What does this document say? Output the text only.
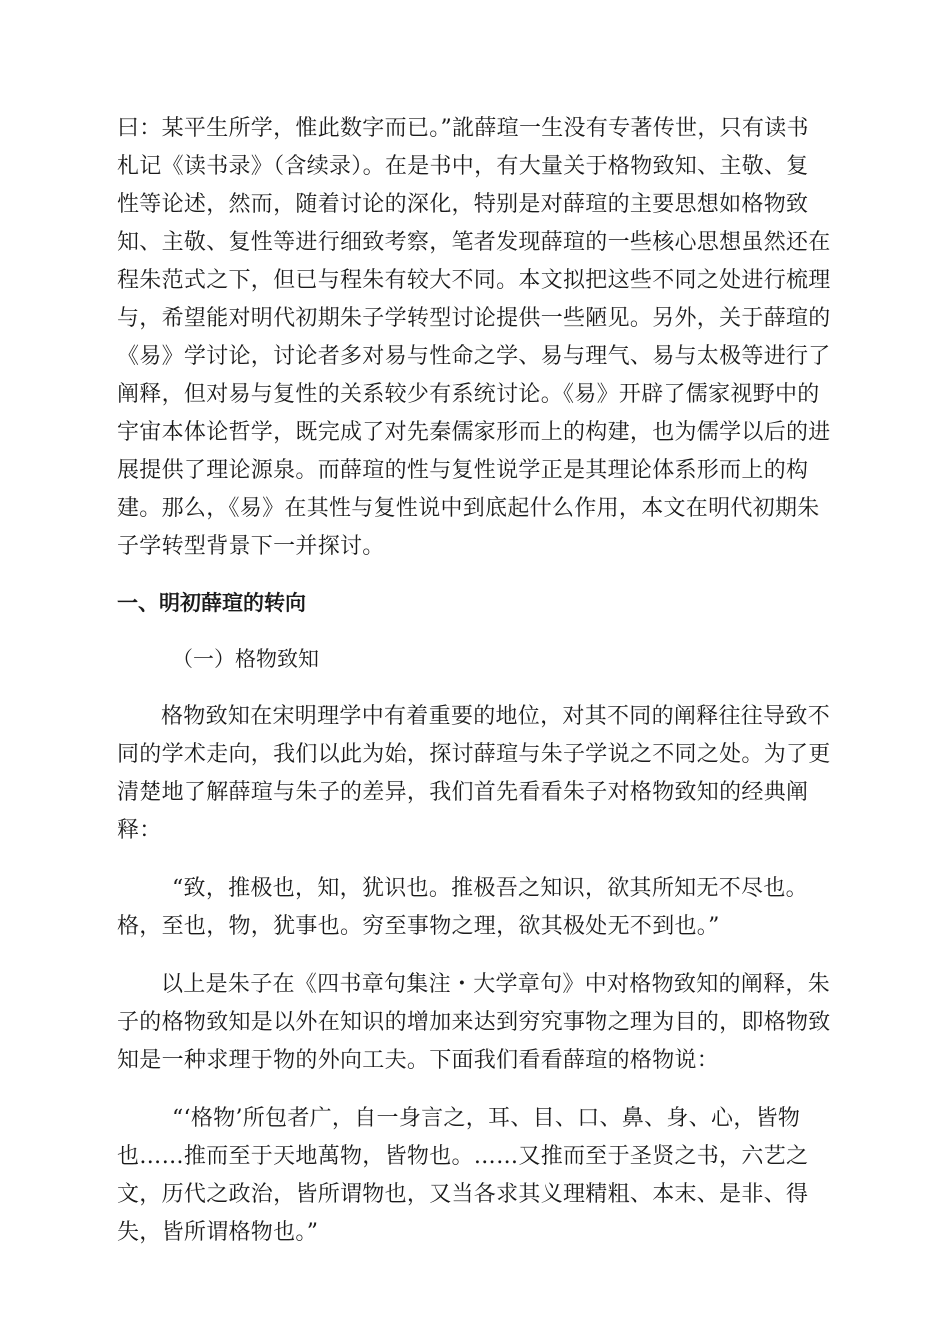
曰：某平生所学，惟此数字而已。”訛薛瑄一生没有专著传世，只有读书
札记《读书录》（含续录）。在是书中，有大量关于格物致知、主敬、复
性等论述，然而，随着讨论的深化，特别是对薛瑄的主要思想如格物致
知、主敬、复性等进行细致考察，笔者发现薛瑄的一些核心思想虽然还在
程朱范式之下，但已与程朱有较大不同。本文拟把这些不同之处进行梳理
与，希望能对明代初期朱子学转型讨论提供一些陋见。另外，关于薛瑄的
《易》学讨论，讨论者多对易与性命之学、易与理气、易与太极等进行了
阐释，但对易与复性的关系较少有系统讨论。《易》开辟了儒家视野中的
宇宙本体论哲学，既完成了对先秦儒家形而上的构建，也为儒学以后的进
展提供了理论源泉。而薛瑄的性与复性说学正是其理论体系形而上的构
建。那么，《易》在其性与复性说中到底起什么作用，本文在明代初期朱
子学转型背景下一并探讨。
一、明初薛瑄的转向
（一）格物致知
格物致知在宋明理学中有着重要的地位，对其不同的阐释往往导致不
同的学术走向，我们以此为始，探讨薛瑄与朱子学说之不同之处。为了更
清楚地了解薛瑄与朱子的差异，我们首先看看朱子对格物致知的经典阐
释：
“致，推极也，知，犹识也。推极吾之知识，欲其所知无不尽也。
格，至也，物，犹事也。穷至事物之理，欲其极处无不到也。”
以上是朱子在《四书章句集注・大学章句》中对格物致知的阐释，朱
子的格物致知是以外在知识的增加来达到穷究事物之理为目的，即格物致
知是一种求理于物的外向工夫。下面我们看看薛瑄的格物说：
“‘格物’所包者广，自一身言之，耳、目、口、鼻、身、心，皆物
也……推而至于天地萬物，皆物也。……又推而至于圣贤之书，六艺之
文，历代之政治，皆所谓物也，又当各求其义理精粗、本末、是非、得
失，皆所谓格物也。”
